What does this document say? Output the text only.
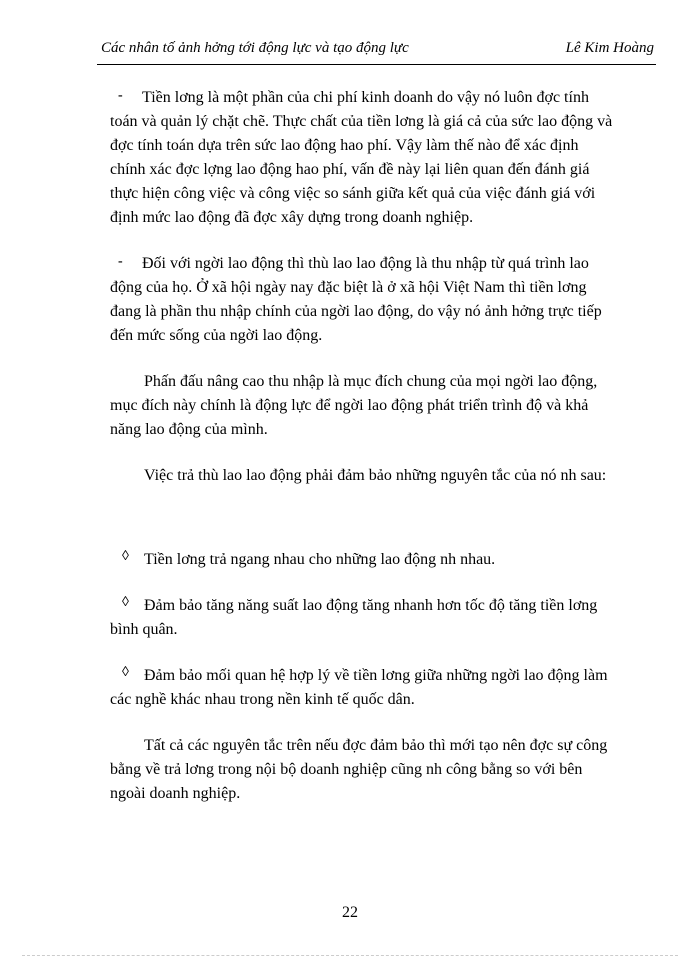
Các nhân tố ảnh hởng tới động lực và tạo động lực	Lê Kim Hoàng

- Tiền lơng là một phần của chi phí kinh doanh do vậy nó luôn đợc tính toán và quản lý chặt chẽ. Thực chất của tiền lơng là giá cả của sức lao động và đợc tính toán dựa trên sức lao động hao phí. Vậy làm thế nào để xác định chính xác đợc lợng lao động hao phí, vấn đề này lại liên quan đến đánh giá thực hiện công việc và công việc so sánh giữa kết quả của việc đánh giá với định mức lao động đã đợc xây dựng trong doanh nghiệp.

- Đối với ngời lao động thì thù lao lao động là thu nhập từ quá trình lao động của họ. Ở xã hội ngày nay đặc biệt là ở xã hội Việt Nam thì tiền lơng đang là phần thu nhập chính của ngời lao động, do vậy nó ảnh hởng trực tiếp đến mức sống của ngời lao động.

Phấn đấu nâng cao thu nhập là mục đích chung của mọi ngời lao động, mục đích này chính là động lực để ngời lao động phát triển trình độ và khả năng lao động của mình.

Việc trả thù lao lao động phải đảm bảo những nguyên tắc của nó nh sau:

◊ Tiền lơng trả ngang nhau cho những lao động nh nhau.

◊ Đảm bảo tăng năng suất lao động tăng nhanh hơn tốc độ tăng tiền lơng bình quân.

◊ Đảm bảo mối quan hệ hợp lý về tiền lơng giữa những ngời lao động làm các nghề khác nhau trong nền kinh tế quốc dân.

Tất cả các nguyên tắc trên nếu đợc đảm bảo thì mới tạo nên đợc sự công bằng về trả lơng trong nội bộ doanh nghiệp cũng nh công bằng so với bên ngoài doanh nghiệp.

22
